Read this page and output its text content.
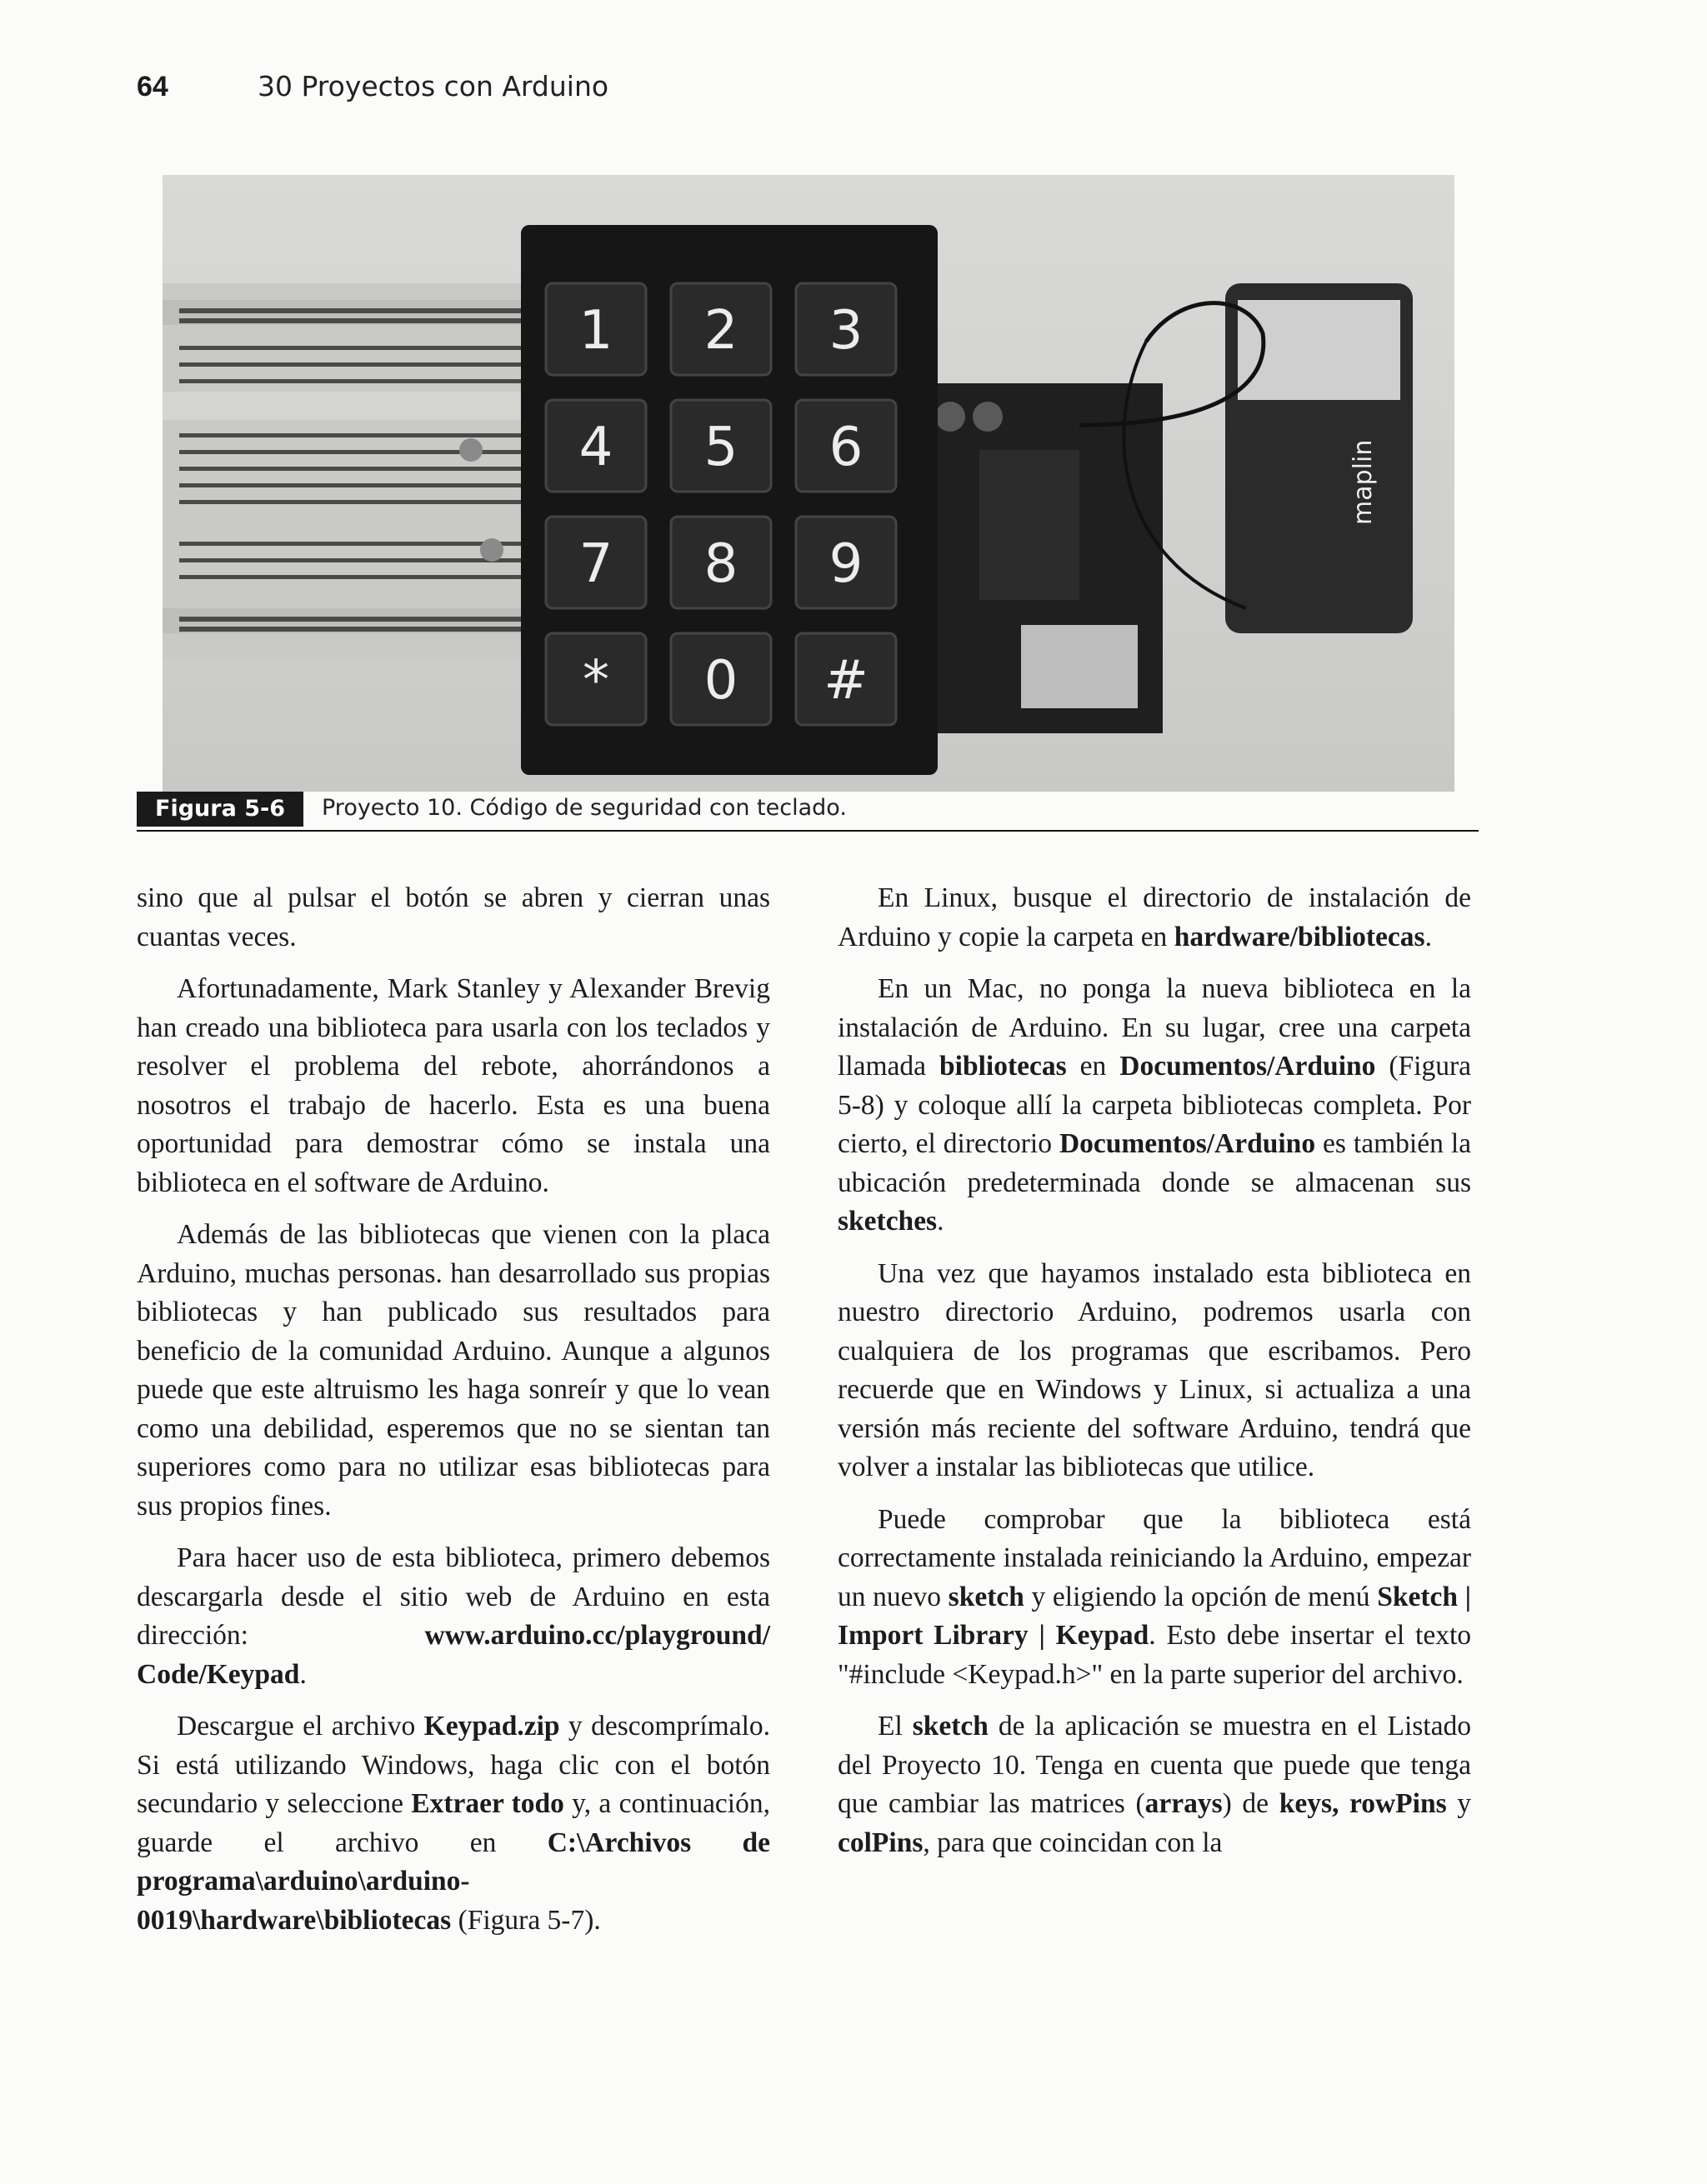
64	30 Proyectos con Arduino
1 2 3
4 5 6
7 8 9
* 0 #
maplin
Figura 5-6	Proyecto 10. Código de seguridad con teclado.

sino que al pulsar el botón se abren y cierran unas cuantas veces.

Afortunadamente, Mark Stanley y Alexander Brevig han creado una biblioteca para usarla con los teclados y resolver el problema del rebote, ahorrándonos a nosotros el trabajo de hacerlo. Esta es una buena oportunidad para demostrar cómo se instala una biblioteca en el software de Arduino.

Además de las bibliotecas que vienen con la placa Arduino, muchas personas. han desarrollado sus propias bibliotecas y han publicado sus resultados para beneficio de la comunidad Arduino. Aunque a algunos puede que este altruismo les haga sonreír y que lo vean como una debilidad, esperemos que no se sientan tan superiores como para no utilizar esas bibliotecas para sus propios fines.

Para hacer uso de esta biblioteca, primero debemos descargarla desde el sitio web de Arduino en esta dirección: www.arduino.cc/playground/ Code/Keypad.

Descargue el archivo Keypad.zip y descomprímalo. Si está utilizando Windows, haga clic con el botón secundario y seleccione Extraer todo y, a continuación, guarde el archivo en C:\Archivos de programa\arduino\arduino-0019\hardware\bibliotecas (Figura 5-7).

En Linux, busque el directorio de instalación de Arduino y copie la carpeta en hardware/bibliotecas.

En un Mac, no ponga la nueva biblioteca en la instalación de Arduino. En su lugar, cree una carpeta llamada bibliotecas en Documentos/Arduino (Figura 5-8) y coloque allí la carpeta bibliotecas completa. Por cierto, el directorio Documentos/Arduino es también la ubicación predeterminada donde se almacenan sus sketches.

Una vez que hayamos instalado esta biblioteca en nuestro directorio Arduino, podremos usarla con cualquiera de los programas que escribamos. Pero recuerde que en Windows y Linux, si actualiza a una versión más reciente del software Arduino, tendrá que volver a instalar las bibliotecas que utilice.

Puede comprobar que la biblioteca está correctamente instalada reiniciando la Arduino, empezar un nuevo sketch y eligiendo la opción de menú Sketch | Import Library | Keypad. Esto debe insertar el texto "#include <Keypad.h>" en la parte superior del archivo.

El sketch de la aplicación se muestra en el Listado del Proyecto 10. Tenga en cuenta que puede que tenga que cambiar las matrices (arrays) de keys, rowPins y colPins, para que coincidan con la
